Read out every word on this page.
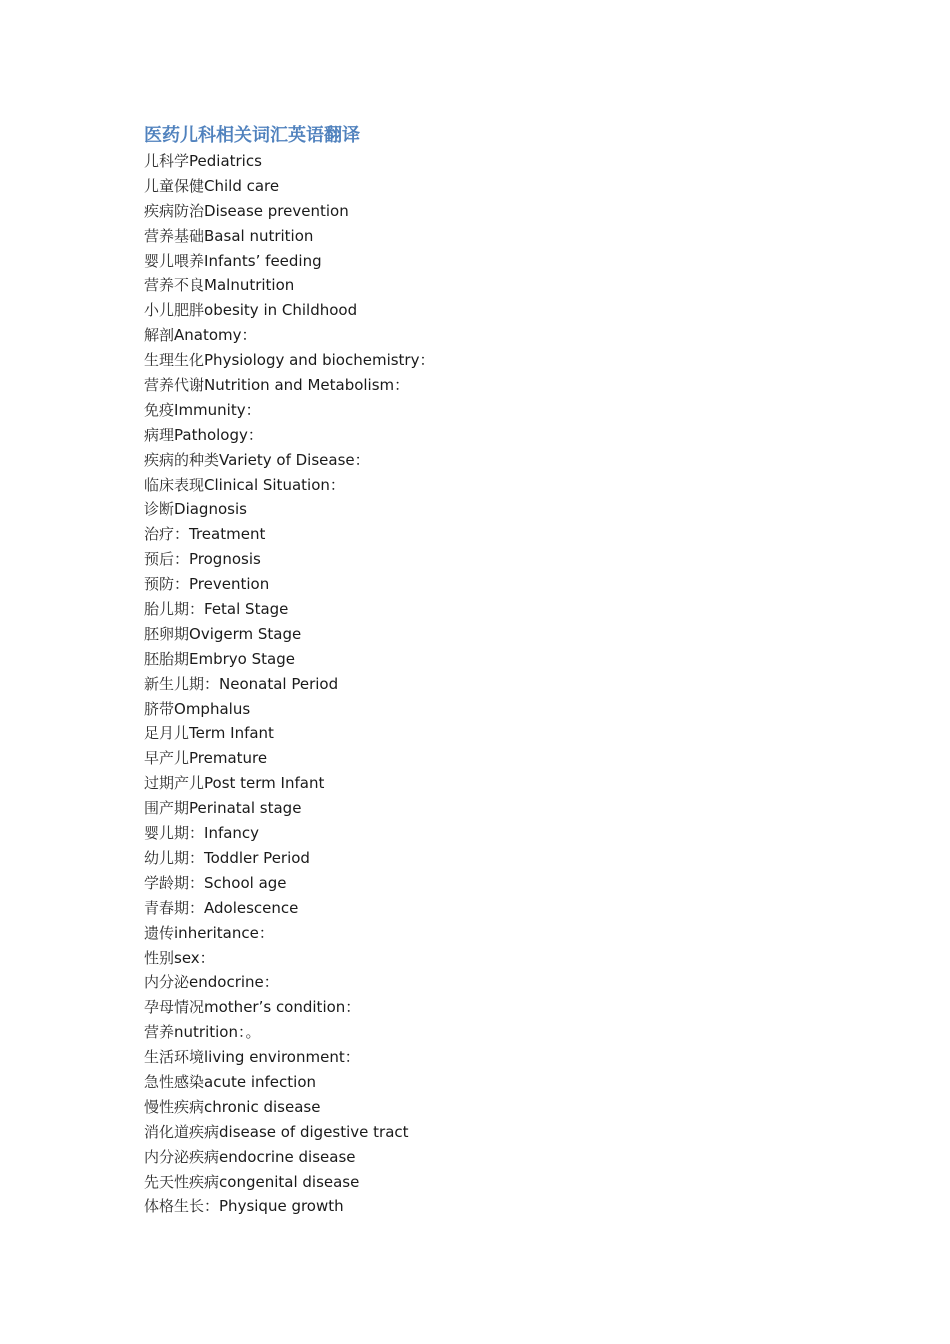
医药儿科相关词汇英语翻译
儿科学Pediatrics
儿童保健Child care
疾病防治Disease prevention
营养基础Basal nutrition
婴儿喂养Infants’ feeding
营养不良Malnutrition
小儿肥胖obesity in Childhood
解剖Anatomy：
生理生化Physiology and biochemistry：
营养代谢Nutrition and Metabolism：
免疫Immunity：
病理Pathology：
疾病的种类Variety of Disease：
临床表现Clinical Situation：
诊断Diagnosis
治疗：Treatment
预后：Prognosis
预防：Prevention
胎儿期：Fetal Stage
胚卵期Ovigerm Stage
胚胎期Embryo Stage
新生儿期：Neonatal Period
脐带Omphalus
足月儿Term Infant
早产儿Premature
过期产儿Post term Infant
围产期Perinatal stage
婴儿期：Infancy
幼儿期：Toddler Period
学龄期：School age
青春期：Adolescence
遗传inheritance：
性别sex：
内分泌endocrine：
孕母情况mother’s condition：
营养nutrition：。
生活环境living environment：
急性感染acute infection
慢性疾病chronic disease
消化道疾病disease of digestive tract
内分泌疾病endocrine disease
先天性疾病congenital disease
体格生长：Physique growth
